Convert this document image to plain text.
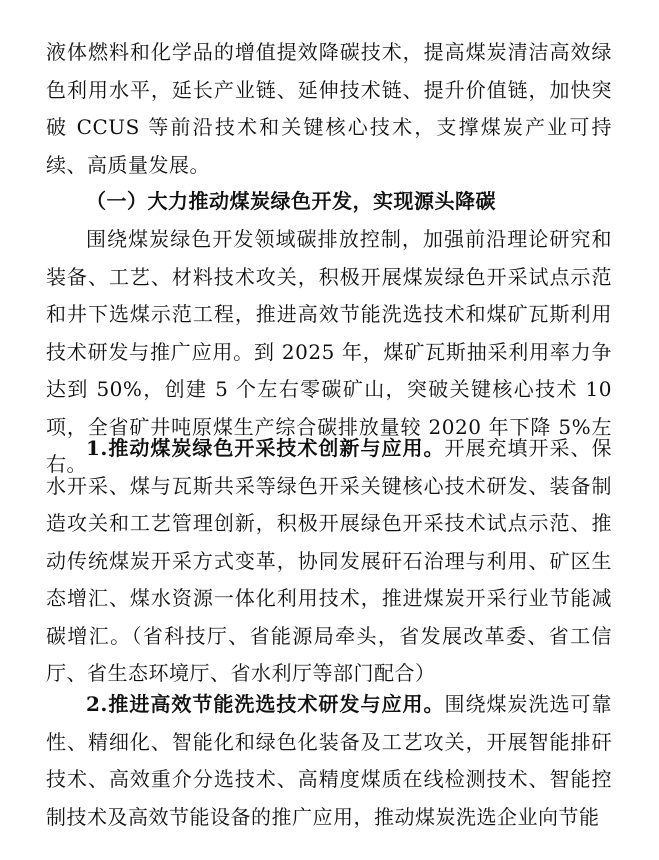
液体燃料和化学品的增值提效降碳技术，提高煤炭清洁高效绿色利用水平，延长产业链、延伸技术链、提升价值链，加快突破 CCUS 等前沿技术和关键核心技术，支撑煤炭产业可持续、高质量发展。

（一）大力推动煤炭绿色开发，实现源头降碳

围绕煤炭绿色开发领域碳排放控制，加强前沿理论研究和装备、工艺、材料技术攻关，积极开展煤炭绿色开采试点示范和井下选煤示范工程，推进高效节能洗选技术和煤矿瓦斯利用技术研发与推广应用。到 2025 年，煤矿瓦斯抽采利用率力争达到 50%，创建 5 个左右零碳矿山，突破关键核心技术 10 项，全省矿井吨原煤生产综合碳排放量较 2020 年下降 5%左右。

1.推动煤炭绿色开采技术创新与应用。开展充填开采、保水开采、煤与瓦斯共采等绿色开采关键核心技术研发、装备制造攻关和工艺管理创新，积极开展绿色开采技术试点示范、推动传统煤炭开采方式变革，协同发展矸石治理与利用、矿区生态增汇、煤水资源一体化利用技术，推进煤炭开采行业节能减碳增汇。（省科技厅、省能源局牵头，省发展改革委、省工信厅、省生态环境厅、省水利厅等部门配合）

2.推进高效节能洗选技术研发与应用。围绕煤炭洗选可靠性、精细化、智能化和绿色化装备及工艺攻关，开展智能排矸技术、高效重介分选技术、高精度煤质在线检测技术、智能控制技术及高效节能设备的推广应用，推动煤炭洗选企业向节能
